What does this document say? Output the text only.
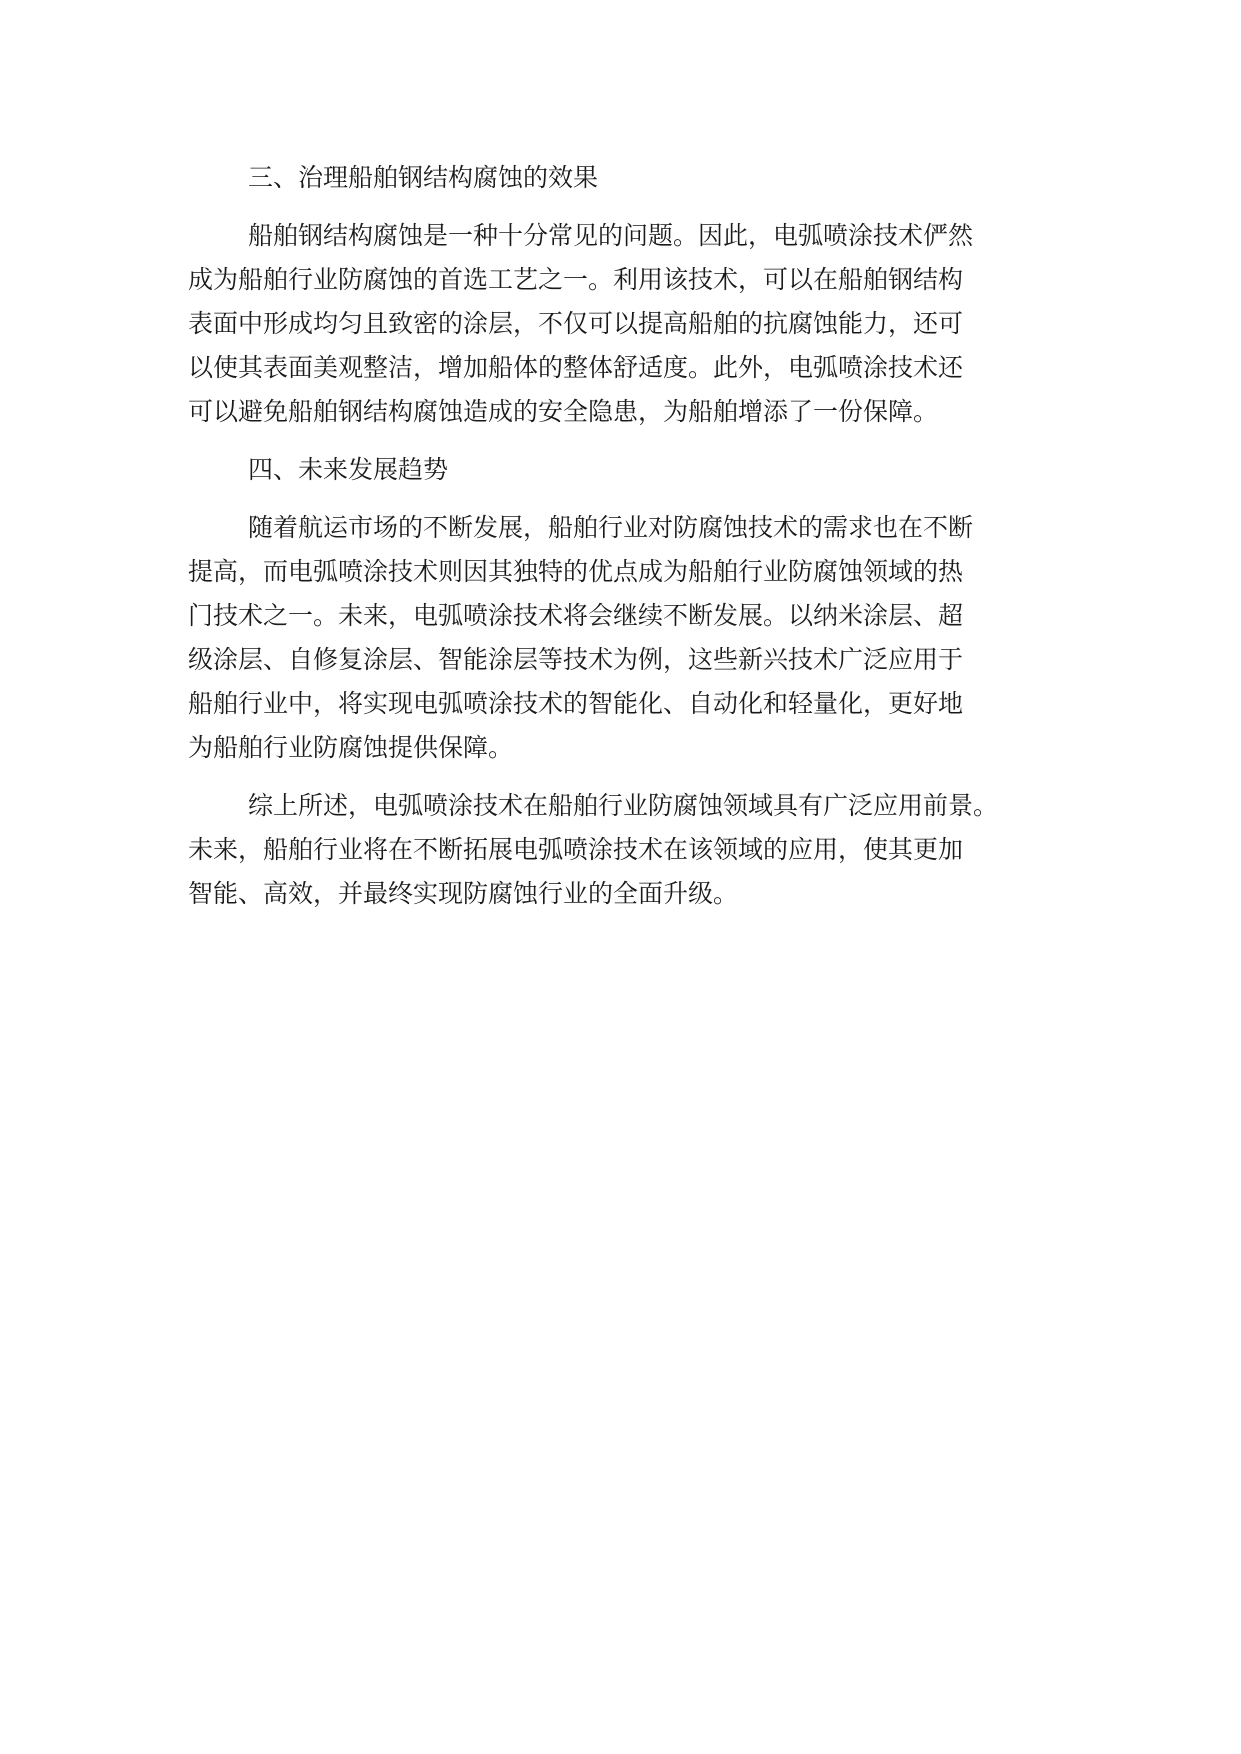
三、治理船舶钢结构腐蚀的效果
船舶钢结构腐蚀是一种十分常见的问题。因此，电弧喷涂技术俨然
成为船舶行业防腐蚀的首选工艺之一。利用该技术，可以在船舶钢结构
表面中形成均匀且致密的涂层，不仅可以提高船舶的抗腐蚀能力，还可
以使其表面美观整洁，增加船体的整体舒适度。此外，电弧喷涂技术还
可以避免船舶钢结构腐蚀造成的安全隐患，为船舶增添了一份保障。
四、未来发展趋势
随着航运市场的不断发展，船舶行业对防腐蚀技术的需求也在不断
提高，而电弧喷涂技术则因其独特的优点成为船舶行业防腐蚀领域的热
门技术之一。未来，电弧喷涂技术将会继续不断发展。以纳米涂层、超
级涂层、自修复涂层、智能涂层等技术为例，这些新兴技术广泛应用于
船舶行业中，将实现电弧喷涂技术的智能化、自动化和轻量化，更好地
为船舶行业防腐蚀提供保障。
综上所述，电弧喷涂技术在船舶行业防腐蚀领域具有广泛应用前景。
未来，船舶行业将在不断拓展电弧喷涂技术在该领域的应用，使其更加
智能、高效，并最终实现防腐蚀行业的全面升级。
